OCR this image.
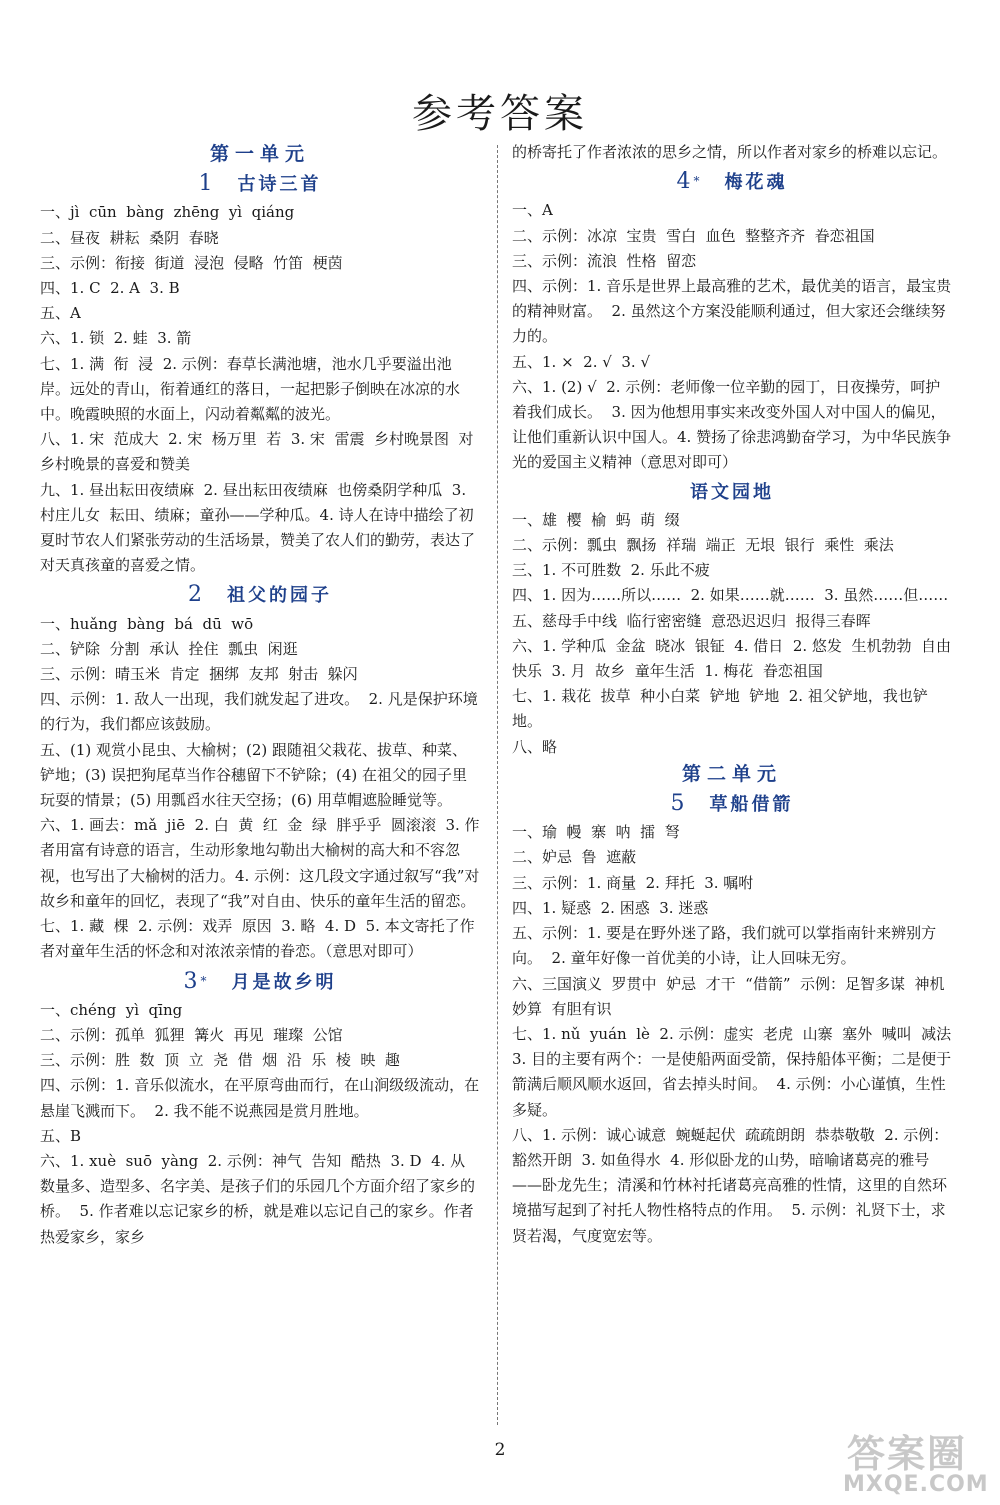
参考答案
第一单元
1 古诗三首
一、jì  cūn  bàng  zhēng  yì  qiáng
二、昼夜  耕耘  桑阴  春晓
三、示例：衔接  街道  浸泡  侵略  竹笛  梗茵
四、1. C  2. A  3. B
五、A
六、1. 锁  2. 蛙  3. 箭
七、1. 满  衔  浸  2. 示例：春草长满池塘，池水几乎要溢出池岸。远处的青山，衔着通红的落日，一起把影子倒映在冰凉的水中。晚霞映照的水面上，闪动着粼粼的波光。
八、1. 宋  范成大  2. 宋  杨万里  若  3. 宋  雷震  乡村晚景图  对乡村晚景的喜爱和赞美
九、1. 昼出耘田夜绩麻  2. 昼出耘田夜绩麻  也傍桑阴学种瓜  3. 村庄儿女  耘田、绩麻；童孙——学种瓜。4. 诗人在诗中描绘了初夏时节农人们紧张劳动的生活场景，赞美了农人们的勤劳，表达了对天真孩童的喜爱之情。
2 祖父的园子
一、huǎng  bàng  bá  dū  wō
二、铲除  分割  承认  拴住  瓢虫  闲逛
三、示例：晴玉米  肯定  捆绑  友邦  射击  躲闪
四、示例：1. 敌人一出现，我们就发起了进攻。  2. 凡是保护环境的行为，我们都应该鼓励。
五、(1) 观赏小昆虫、大榆树；(2) 跟随祖父栽花、拔草、种菜、铲地；(3) 误把狗尾草当作谷穗留下不铲除；(4) 在祖父的园子里玩耍的情景；(5) 用瓢舀水往天空扬；(6) 用草帽遮脸睡觉等。
六、1. 画去：mǎ  jiē  2. 白  黄  红  金  绿  胖乎乎  圆滚滚  3. 作者用富有诗意的语言，生动形象地勾勒出大榆树的高大和不容忽视，也写出了大榆树的活力。4. 示例：这几段文字通过叙写“我”对故乡和童年的回忆，表现了“我”对自由、快乐的童年生活的留恋。
七、1. 藏  棵  2. 示例：戏弄  原因  3. 略  4. D  5. 本文寄托了作者对童年生活的怀念和对浓浓亲情的眷恋。（意思对即可）
3* 月是故乡明
一、chéng  yì  qīng
二、示例：孤单  狐狸  篝火  再见  璀璨  公馆
三、示例：胜  数  顶  立  尧  借  烟  沿  乐  棱  映  趣
四、示例：1. 音乐似流水，在平原弯曲而行，在山涧级级流动，在悬崖飞溅而下。  2. 我不能不说燕园是赏月胜地。
五、B
六、1. xuè  suō  yàng  2. 示例：神气  告知  酷热  3. D  4. 从数量多、造型多、名字美、是孩子们的乐园几个方面介绍了家乡的桥。  5. 作者难以忘记家乡的桥，就是难以忘记自己的家乡。作者热爱家乡，家乡
的桥寄托了作者浓浓的思乡之情，所以作者对家乡的桥难以忘记。
4* 梅花魂
一、A
二、示例：冰凉  宝贵  雪白  血色  整整齐齐  眷恋祖国
三、示例：流浪  性格  留恋
四、示例：1. 音乐是世界上最高雅的艺术，最优美的语言，最宝贵的精神财富。  2. 虽然这个方案没能顺利通过，但大家还会继续努力的。
五、1. ×  2. √  3. √
六、1. (2) √  2. 示例：老师像一位辛勤的园丁，日夜操劳，呵护着我们成长。  3. 因为他想用事实来改变外国人对中国人的偏见，让他们重新认识中国人。4. 赞扬了徐悲鸿勤奋学习，为中华民族争光的爱国主义精神（意思对即可）
语文园地
一、雄  樱  榆  蚂  萌  缀
二、示例：瓢虫  飘扬  祥瑞  端正  无垠  银行  乘性  乘法
三、1. 不可胜数  2. 乐此不疲
四、1. 因为……所以……  2. 如果……就……  3. 虽然……但……
五、慈母手中线  临行密密缝  意恐迟迟归  报得三春晖
六、1. 学种瓜  金盆  晓冰  银钲  4. 借日  2. 悠发  生机勃勃  自由快乐  3. 月  故乡  童年生活  1. 梅花  眷恋祖国
七、1. 栽花  拔草  种小白菜  铲地  铲地  2. 祖父铲地，我也铲地。
八、略
第二单元
5 草船借箭
一、瑜  幔  寨  呐  擂  弩
二、妒忌  鲁  遮蔽
三、示例：1. 商量  2. 拜托  3. 嘱咐
四、1. 疑惑  2. 困惑  3. 迷惑
五、示例：1. 要是在野外迷了路，我们就可以掌指南针来辨别方向。  2. 童年好像一首优美的小诗，让人回味无穷。
六、三国演义  罗贯中  妒忌  才干  “借箭”  示例：足智多谋  神机妙算  有胆有识
七、1. nǔ  yuán  lè  2. 示例：虚实  老虎  山寨  塞外  喊叫  减法  3. 目的主要有两个：一是使船两面受箭，保持船体平衡；二是便于箭满后顺风顺水返回，省去掉头时间。  4. 示例：小心谨慎，生性多疑。
八、1. 示例：诚心诚意  蜿蜒起伏  疏疏朗朗  恭恭敬敬  2. 示例：豁然开朗  3. 如鱼得水  4. 形似卧龙的山势，暗喻诸葛亮的雅号——卧龙先生；清溪和竹林衬托诸葛亮高雅的性情，这里的自然环境描写起到了衬托人物性格特点的作用。  5. 示例：礼贤下士，求贤若渴，气度宽宏等。
2	答案圈
MXQE.COM
